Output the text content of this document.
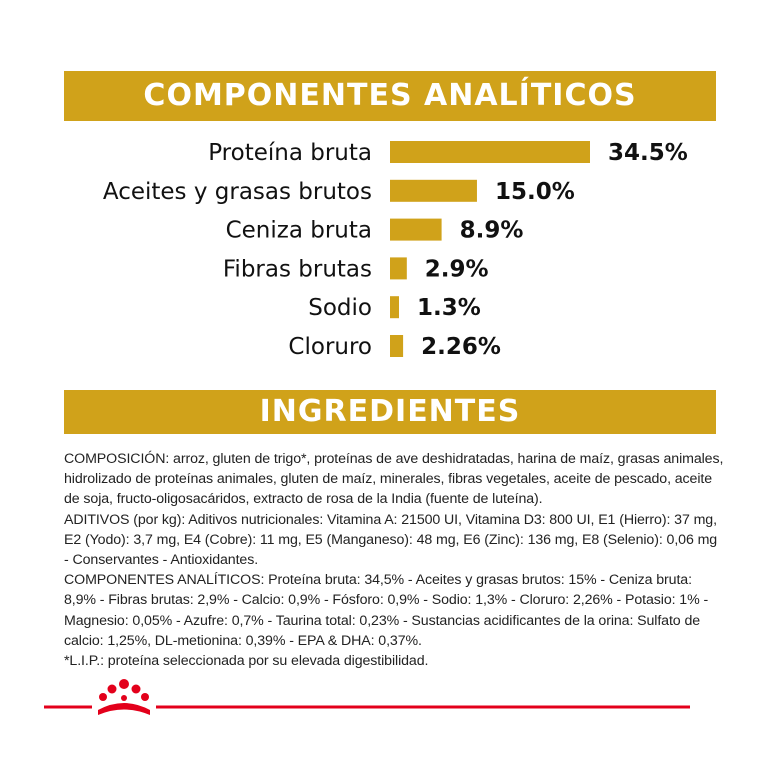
COMPONENTES ANALÍTICOS
Proteína bruta	34.5%
Aceites y grasas brutos	15.0%
Ceniza bruta	8.9%
Fibras brutas 2.9%
Sodio 1.3%
Cloruro 2.26%
INGREDIENTES

COMPOSICIÓN: arroz, gluten de trigo*, proteínas de ave deshidratadas, harina de maíz, grasas animales, hidrolizado de proteínas animales, gluten de maíz, minerales, fibras vegetales, aceite de pescado, aceite de soja, fructo-oligosacáridos, extracto de rosa de la India (fuente de luteína).

ADITIVOS (por kg): Aditivos nutricionales: Vitamina A: 21500 UI, Vitamina D3: 800 UI, E1 (Hierro): 37 mg, E2 (Yodo): 3,7 mg, E4 (Cobre): 11 mg, E5 (Manganeso): 48 mg, E6 (Zinc): 136 mg, E8 (Selenio): 0,06 mg - Conservantes - Antioxidantes.

COMPONENTES ANALÍTICOS: Proteína bruta: 34,5% - Aceites y grasas brutos: 15% - Ceniza bruta: 8,9% - Fibras brutas: 2,9% - Calcio: 0,9% - Fósforo: 0,9% - Sodio: 1,3% - Cloruro: 2,26% - Potasio: 1% - Magnesio: 0,05% - Azufre: 0,7% - Taurina total: 0,23% - Sustancias acidificantes de la orina: Sulfato de calcio: 1,25%, DL-metionina: 0,39% - EPA & DHA: 0,37%.

*L.I.P.: proteína seleccionada por su elevada digestibilidad.
